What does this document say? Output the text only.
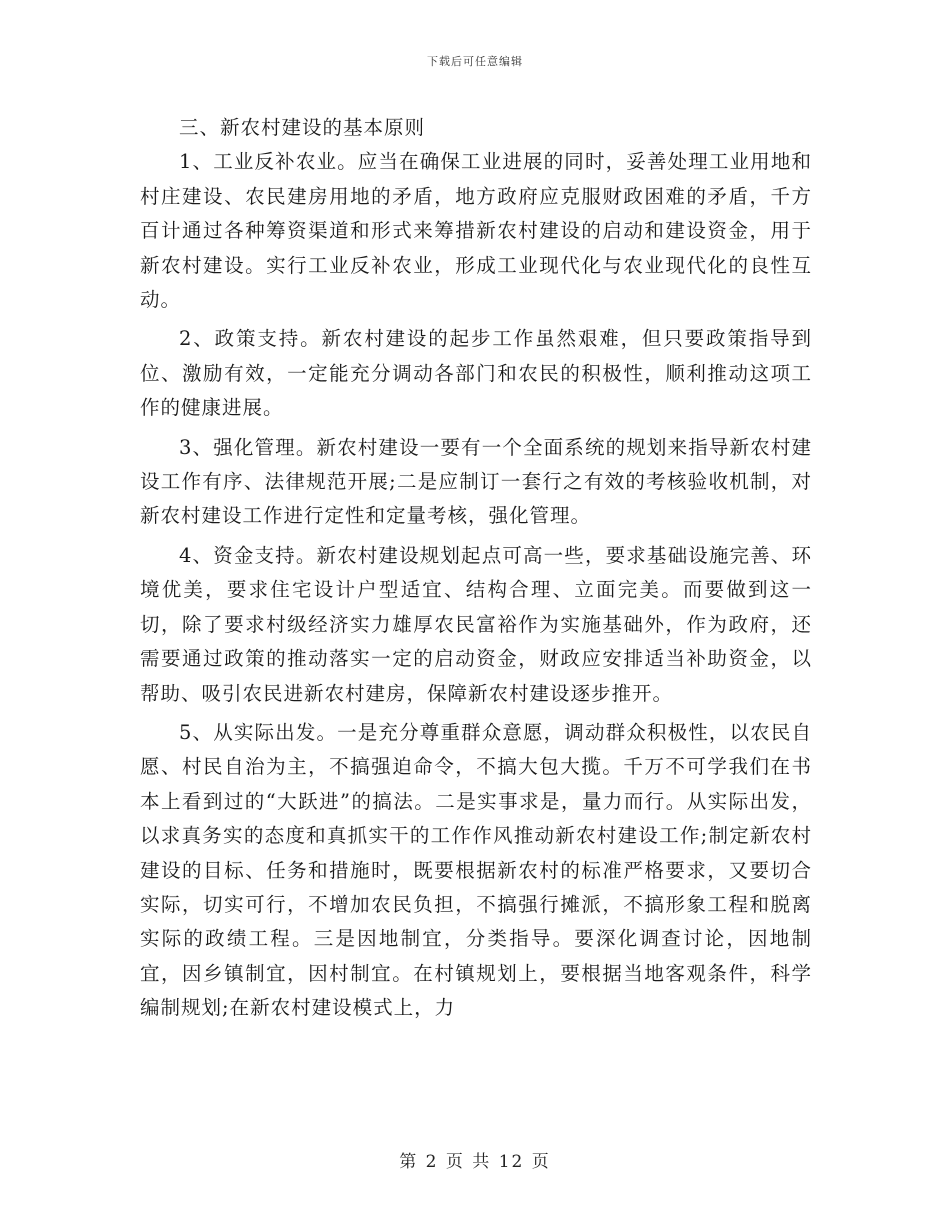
下载后可任意编辑

三、新农村建设的基本原则

1、工业反补农业。应当在确保工业进展的同时，妥善处理工业用地和村庄建设、农民建房用地的矛盾，地方政府应克服财政困难的矛盾，千方百计通过各种筹资渠道和形式来筹措新农村建设的启动和建设资金，用于新农村建设。实行工业反补农业，形成工业现代化与农业现代化的良性互动。

2、政策支持。新农村建设的起步工作虽然艰难，但只要政策指导到位、激励有效，一定能充分调动各部门和农民的积极性，顺利推动这项工作的健康进展。

3、强化管理。新农村建设一要有一个全面系统的规划来指导新农村建设工作有序、法律规范开展;二是应制订一套行之有效的考核验收机制，对新农村建设工作进行定性和定量考核，强化管理。

4、资金支持。新农村建设规划起点可高一些，要求基础设施完善、环境优美，要求住宅设计户型适宜、结构合理、立面完美。而要做到这一切，除了要求村级经济实力雄厚农民富裕作为实施基础外，作为政府，还需要通过政策的推动落实一定的启动资金，财政应安排适当补助资金，以帮助、吸引农民进新农村建房，保障新农村建设逐步推开。

5、从实际出发。一是充分尊重群众意愿，调动群众积极性，以农民自愿、村民自治为主，不搞强迫命令，不搞大包大揽。千万不可学我们在书本上看到过的“大跃进”的搞法。二是实事求是，量力而行。从实际出发，以求真务实的态度和真抓实干的工作作风推动新农村建设工作;制定新农村建设的目标、任务和措施时，既要根据新农村的标准严格要求，又要切合实际，切实可行，不增加农民负担，不搞强行摊派，不搞形象工程和脱离实际的政绩工程。三是因地制宜，分类指导。要深化调查讨论，因地制宜，因乡镇制宜，因村制宜。在村镇规划上，要根据当地客观条件，科学编制规划;在新农村建设模式上，力

第 2 页 共 12 页
